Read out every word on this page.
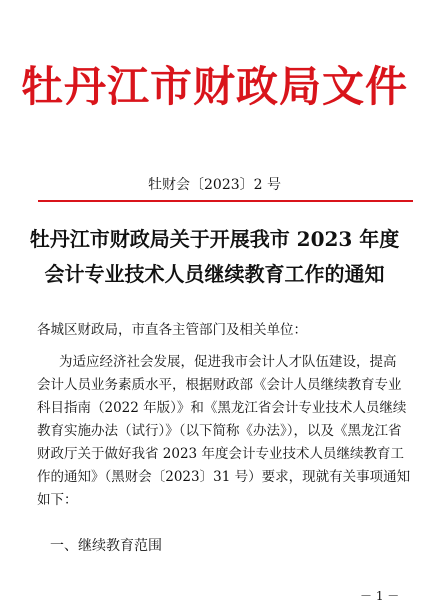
牡丹江市财政局文件
牡财会〔2023〕2 号
牡丹江市财政局关于开展我市 2023 年度
会计专业技术人员继续教育工作的通知
各城区财政局，市直各主管部门及相关单位：
为适应经济社会发展，促进我市会计人才队伍建设，提高
会计人员业务素质水平，根据财政部《会计人员继续教育专业
科目指南（2022 年版）》和《黑龙江省会计专业技术人员继续
教育实施办法（试行）》（以下简称《办法》），以及《黑龙江省
财政厅关于做好我省 2023 年度会计专业技术人员继续教育工
作的通知》（黑财会〔2023〕31 号）要求，现就有关事项通知
如下：
一、继续教育范围
－ 1 －
